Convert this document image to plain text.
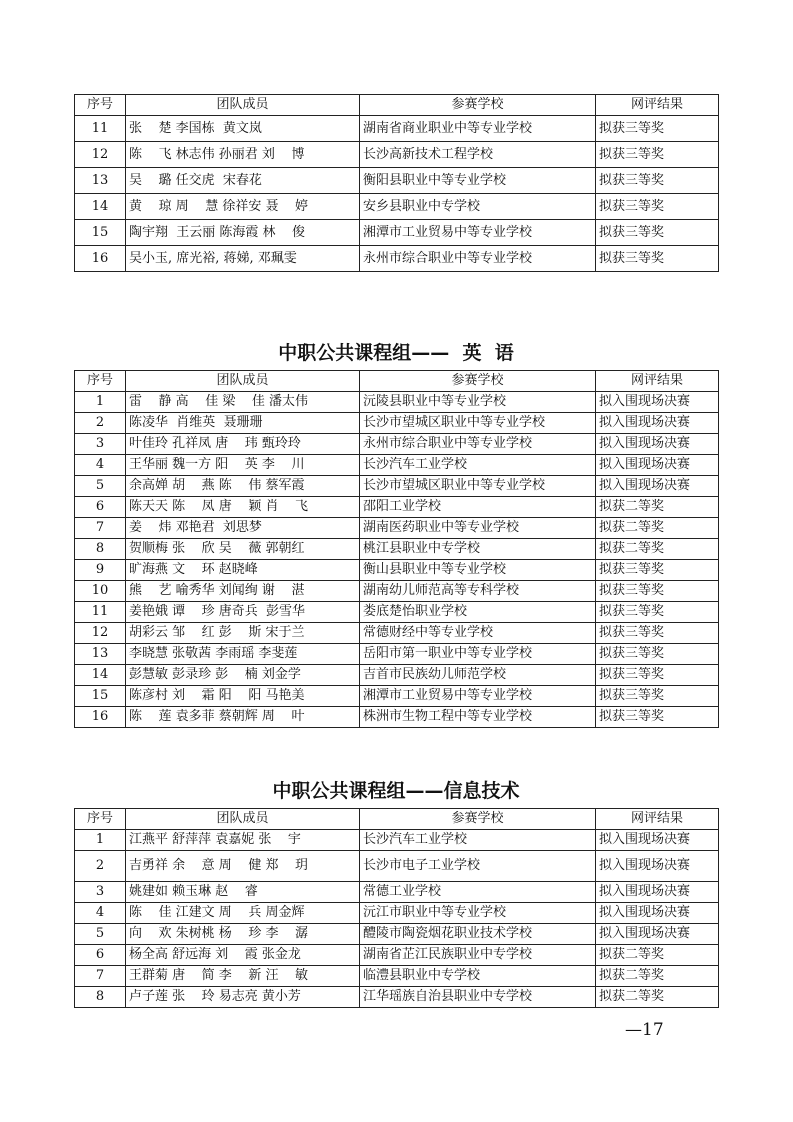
序号	团队成员	参赛学校	网评结果
11	张    楚 李国栋  黄文岚	湖南省商业职业中等专业学校	拟获三等奖
12	陈    飞 林志伟 孙丽君 刘    博	长沙高新技术工程学校	拟获三等奖
13	吴    璐 任交虎  宋春花	衡阳县职业中等专业学校	拟获三等奖
14	黄    琼 周    慧 徐祥安 聂    婷	安乡县职业中专学校	拟获三等奖
15	陶宇翔  王云丽 陈海霞 林    俊	湘潭市工业贸易中等专业学校	拟获三等奖
16	吴小玉, 席光裕, 蒋娣, 邓珮雯	永州市综合职业中等专业学校	拟获三等奖
中职公共课程组——  英  语
序号	团队成员	参赛学校	网评结果
1	雷    静 高    佳 梁    佳 潘太伟	沅陵县职业中等专业学校	拟入围现场决赛
2	陈凌华  肖维英  聂珊珊	长沙市望城区职业中等专业学校	拟入围现场决赛
3	叶佳玲 孔祥凤 唐    玮 甄玲玲	永州市综合职业中等专业学校	拟入围现场决赛
4	王华丽 魏一方 阳    英 李    川	长沙汽车工业学校	拟入围现场决赛
5	余高婵 胡    燕 陈    伟 蔡军霞	长沙市望城区职业中等专业学校	拟入围现场决赛
6	陈天天 陈    凤 唐    颖 肖    飞	邵阳工业学校	拟获二等奖
7	姜    炜 邓艳君  刘思梦	湖南医药职业中等专业学校	拟获二等奖
8	贺顺梅 张    欣 吴    薇 郭朝红	桃江县职业中专学校	拟获二等奖
9	旷海燕 文    环 赵晓峰	衡山县职业中等专业学校	拟获三等奖
10	熊    艺 喻秀华 刘闻绚 谢    湛	湖南幼儿师范高等专科学校	拟获三等奖
11	姜艳娥 谭    珍 唐奇兵  彭雪华	娄底楚怡职业学校	拟获三等奖
12	胡彩云 邹    红 彭    斯 宋于兰	常德财经中等专业学校	拟获三等奖
13	李晓慧 张敬茜 李雨瑶 李斐莲	岳阳市第一职业中等专业学校	拟获三等奖
14	彭慧敏 彭录珍 彭    楠 刘金学	吉首市民族幼儿师范学校	拟获三等奖
15	陈彦村 刘    霜 阳    阳 马艳美	湘潭市工业贸易中等专业学校	拟获三等奖
16	陈    莲 袁多菲 蔡朝辉 周    叶	株洲市生物工程中等专业学校	拟获三等奖
中职公共课程组——信息技术
序号	团队成员	参赛学校	网评结果
1	江燕平 舒萍萍 袁嘉妮 张    宇	长沙汽车工业学校	拟入围现场决赛
2	吉勇祥 余    意 周    健 郑    玥	长沙市电子工业学校	拟入围现场决赛
3	姚建如 赖玉琳 赵    睿	常德工业学校	拟入围现场决赛
4	陈    佳 江建文 周    兵 周金辉	沅江市职业中等专业学校	拟入围现场决赛
5	向    欢 朱树桃 杨    珍 李    潺	醴陵市陶瓷烟花职业技术学校	拟入围现场决赛
6	杨全高 舒远海 刘    霞 张金龙	湖南省芷江民族职业中专学校	拟获二等奖
7	王群菊 唐    简 李    新 汪    敏	临澧县职业中专学校	拟获二等奖
8	卢子莲 张    玲 易志亮 黄小芳	江华瑶族自治县职业中专学校	拟获二等奖
—17
